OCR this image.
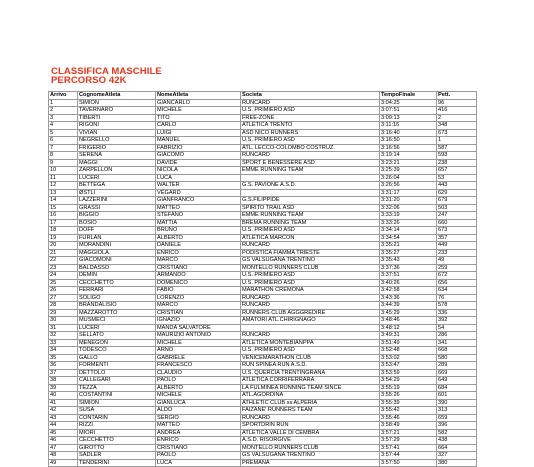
CLASSIFICA MASCHILE
PERCORSO 42K
Arrivo	CognomeAtleta	NomeAtleta	Societa	TempoFinale	Pett.
1	SIMION	GIANCARLO	RUNCARD	3:04:25	96
2	TAVERNARO	MICHELE	U.S. PRIMIERO ASD	3:07:51	416
3	TIBERTI	TITO	FREE-ZONE	3:09:13	2
4	RIGONI	CARLO	ATLETICA TRENTO	3:11:16	348
5	VIVIAN	LUIGI	ASD NICO RUNNERS	3:16:40	673
6	NEGRELLO	MANUEL	U.S. PRIMIERO ASD	3:16:50	1
7	FRIGERIO	FABRIZIO	ATL. LECCO-COLOMBO COSTRUZ.	3:16:56	587
8	SERENA	GIACOMO	RUNCARD	3:19:14	593
9	MAGGI	DAVIDE	SPORT E BENESSERE ASD	3:23:21	238
10	ZARPELLON	NICOLA	EMME RUNNING TEAM	3:25:39	657
11	LUCERI	LUCA		3:26:04	53
12	BETTEGA	WALTER	G.S. PAVIONE A.S.D.	3:26:56	443
13	ØSTLI	VEGARD		3:31:17	629
14	LAZZERINI	GIANFRANCO	G.S.FILIPPIDE	3:31:20	679
15	GRASSI	MATTEO	SPIRITO TRAIL ASD	3:32:06	503
16	BIGGIO	STEFANO	EMME RUNNING TEAM	3:33:19	247
17	BOSIO	MATTIA	BREMA RUNNING TEAM	3:33:26	660
18	DOFF	BRUNO	U.S. PRIMIERO ASD	3:34:14	673
19	FURLAN	ALBERTO	ATLETICA MARCON	3:34:54	357
20	MORANDINI	DANIELE	RUNCARD	3:35:21	449
21	MAGGIOLA	ENRICO	PODISTICA FIAMMA TRIESTE	3:35:27	233
22	GIACOMONI	MARCO	GS VALSUGANA TRENTINO	3:35:43	49
23	BALDASSO	CRISTIANO	MONTELLO RUNNERS CLUB	3:37:36	259
24	DEMIN	ARMANDO	U.S. PRIMIERO ASD	3:37:51	672
25	CECCHETTO	DOMENICO	U.S. PRIMIERO ASD	3:40:26	656
26	FERRARI	FABIO	MARATHON CREMONA	3:42:58	634
27	SOLIGO	LORENZO	RUNCARD	3:43:36	76
28	BRANDALISIO	MARCO	RUNCARD	3:44:39	578
29	MAZZAROTTO	CRISTIAN	RUNNERS CLUB AGGGREDIRE	3:45:29	336
30	MUSMECI	IGNAZIO	AMATORI ATL.CHIRIGNAGO	3:48:46	392
31	LUCERI	MANDA SALVATORE		3:48:12	54
32	SELLATO	MAURIZIO ANTONIO	RUNCARD	3:49:31	286
33	MENEGON	MICHELE	ATLETICA MONTEBIANPPA	3:51:49	341
34	TODESCO	ARNO	U.S. PRIMIERO ASD	3:52:48	668
35	GALLO	GABRIELE	VENICEMARATHON CLUB	3:53:02	580
36	FORMENTI	FRANCESCO	RUN SPINEA RUN A.S.D.	3:53:47	289
37	DETTOLO	CLAUDIO	U.S. QUERCIA TRENTINGRANA	3:53:59	669
38	CALLEGARI	PAOLO	ATLETICA CORRIFERRARA	3:54:29	649
39	TEZZA	ALBERTO	LA FULMINEA RUNNING TEAM SINCE	3:55:19	684
40	COSTANTINI	MICHELE	ATL.AGORDINA	3:55:26	601
41	SIMION	GIANLUCA	ATHLETIC CLUB ss ALPERIA	3:55:39	390
42	SUSA	ALDO	FAIZANE' RUNNERS TEAM	3:55:42	313
43	CONTARIN	SERGIO	RUNCARD	3:55:46	659
44	RIZZI	MATTEO	SPORTDRIN RUN	3:58:49	396
45	MIORI	ANDREA	ATLETICA VALLE DI CEMBRA	3:57:21	582
46	CECCHETTO	ENRICO	A.S.D. RISORGIVE	3:57:29	438
47	GIROTTO	CRISTIANO	MONTELLO RUNNERS CLUB	3:57:41	664
48	SADLER	PAOLO	GS VALSUGANA TRENTINO	3:57:44	327
49	TENDERINI	LUCA	PREMANA	3:57:50	380
